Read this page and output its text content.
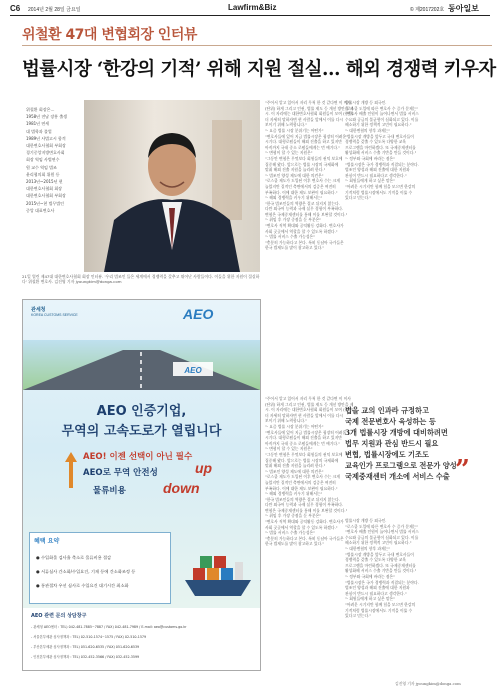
C6 2014년 2월 28일 금요일	Lawfirm&Biz	© 제2017202호 동아일보
위철환 47대 변협회장 인터뷰
법률시장 ‘한강의 기적’ 위해 지원 절실… 해외 경쟁력 키우자
위철환 회장은…
1958년 전남 장흥 출생
1981년 연세
대 법학과 졸업
1989년 사법고시 합격
대한변호사협회 부회장
경기중앙지방변호사회
회장 역임 사법연수
원 교수 역임 법조
윤리협의회 위원 등
2013년~2015년 현
대한변호사협회 회장
대한변호사협회 부회장
2015년~현 법무법인
중앙 대표변호사
21일 열린 제47대 대한변호사협회 회장 인터뷰. '우리 법조인 들은 세계에서 경쟁력을 갖추고 뛰어난 사람들이다. 이들을 위한 지원이 절실하다' 위철환 변호사. 김진영 기자 jyoungkim@donga.com
관세청
KOREA CUSTOMS SERVICE	AEO
AEO
AEO 인증기업,
무역의 고속도로가 열립니다
AEO! 이젠 선택이 아닌 필수
AEO로 무역 안전성	up
물류비용	down
혜택 요약
● 수입화물 검사율 축소로 물류비용 절감
● 서류심사 간소화/수입요건, 기재 등에 간소화조정 등
● 통관절차 우선 심사로 수입요건 대기시간 최소화
AEO 관련 문의 상담창구
- 관세청 AEO센터 : TEL) 042-481-7885~7887 / FAX) 042-481-7989 / E-mail: aeo@customs.go.kr
- 서울본부세관 심사정책과 : TEL) 02-510-1574~1575 / FAX) 02-510-1579
- 부산본부세관 심사정책과 : TEL) 051-620-6535 / FAX) 051-620-6539
- 인천본부세관 심사정책과 : TEL) 032-452-3566 / FAX) 032-452-3599
"주어서 알고 있어서 자리 무척 한 것 같다면 이 이사
(단위) 하게 그리고 인권, 법률 제도 등 개선 방안을 제
시. 이 자리에는 대한변호사협회 회원들이 모여 (중략)
더 자세히 말하자면 현 사람들 앞에서 이를 다시
보이기 위해 노력합니다."
"- 요즘 법률 시장 분위기는 어떤가"
"변호사들에 있어 지금 법률시장은 굉장히 어려운
시기다. 대형로펌들이 해외 진출을 하고 있지만
아직까지 국내 중소 로펌들에게는 먼 얘기다."
"- 변협이 할 수 있는 지원은"
"그동안 변협은 무엇보다 회원들의 권익 보호에
집중해 왔다. 앞으로는 법률 시장의 국제화에
맞춰 해외 진출 지원을 늘리려 한다."
"- 법조인 양성 제도에 대한 의견은"
"로스쿨 제도가 도입된 이후 변호사 수는 크게
늘었지만 질적인 측면에서의 검증은 여전히
부족하다. 이에 대한 제도 보완이 필요하다."
"- 해외 경쟁력을 키우기 위해서는"
"한국 법조인들의 역량은 결코 뒤지지 않는다.
다만 외국어 능력과 국제 실무 경험이 부족하다.
변협은 국제중재센터를 통해 이를 보완할 것이다."
"- 취임 후 가장 중점을 둔 부분은"
"변호사 직역 확대와 공익활동 강화다. 변호사가
사회 곳곳에서 역할을 할 수 있도록 하겠다."
"- 법률 서비스 수출 가능성은"
"충분히 가능하다고 본다. 특히 동남아 국가들은
한국 법제도를 많이 참고하고 있다."
"주어서 알고 있어서 자리 무척 한 것 같다면 이 이사
(단위) 하게 그리고 인권, 법률 제도 등 개선 방안을 제
시. 이 자리에는 대한변호사협회 회원들이 모여 (중략)
더 자세히 말하자면 현 사람들 앞에서 이를 다시
보이기 위해 노력합니다."
"- 요즘 법률 시장 분위기는 어떤가"
"변호사들에 있어 지금 법률시장은 굉장히 어려운
시기다. 대형로펌들이 해외 진출을 하고 있지만
아직까지 국내 중소 로펌들에게는 먼 얘기다."
"- 변협이 할 수 있는 지원은"
"그동안 변협은 무엇보다 회원들의 권익 보호에
집중해 왔다. 앞으로는 법률 시장의 국제화에
맞춰 해외 진출 지원을 늘리려 한다."
"- 법조인 양성 제도에 대한 의견은"
"로스쿨 제도가 도입된 이후 변호사 수는 크게
늘었지만 질적인 측면에서의 검증은 여전히
부족하다. 이에 대한 제도 보완이 필요하다."
"- 해외 경쟁력을 키우기 위해서는"
"한국 법조인들의 역량은 결코 뒤지지 않는다.
다만 외국어 능력과 국제 실무 경험이 부족하다.
변협은 국제중재센터를 통해 이를 보완할 것이다."
"- 취임 후 가장 중점을 둔 부분은"
"변호사 직역 확대와 공익활동 강화다. 변호사가
사회 곳곳에서 역할을 할 수 있도록 하겠다."
"- 법률 서비스 수출 가능성은"
"충분히 가능하다고 본다. 특히 동남아 국가들은
한국 법제도를 많이 참고하고 있다."
법률시장 개방 등 외국인.
"로스쿨 도입에 따른 변호사 수 증가 문제는"
"변호사 배출 인원이 늘어나면서 법률 서비스
수요와 공급의 불균형이 심화되고 있다. 이를
해소하기 위한 정책적 고민이 필요하다."
"- 대한변협의 향후 과제는"
"법률시장 개방을 앞두고 국내 변호사들이
경쟁력을 갖출 수 있도록 다양한 교육
프로그램을 마련하겠다. 또 국제중재센터를
활성화해 서비스 수출 기반을 만들 것이다."
"- 정부와 국회에 바라는 점은"
"법률시장은 국가 경쟁력과 직결되는 분야다.
법조인 양성과 해외 진출에 대한 지원과
관심이 반드시 필요하다고 생각한다."
"- 회원들에게 하고 싶은 말은"
"어려운 시기지만 함께 힘을 모으면 한강의
기적처럼 법률시장에서도 기적을 이룰 수
있다고 믿는다."
법률시장 개방 등 외국인.
"로스쿨 도입에 따른 변호사 수 증가 문제는"
"변호사 배출 인원이 늘어나면서 법률 서비스
수요와 공급의 불균형이 심화되고 있다. 이를
해소하기 위한 정책적 고민이 필요하다."
"- 대한변협의 향후 과제는"
"법률시장 개방을 앞두고 국내 변호사들이
경쟁력을 갖출 수 있도록 다양한 교육
프로그램을 마련하겠다. 또 국제중재센터를
활성화해 서비스 수출 기반을 만들 것이다."
"- 정부와 국회에 바라는 점은"
"법률시장은 국가 경쟁력과 직결되는 분야다.
법조인 양성과 해외 진출에 대한 지원과
관심이 반드시 필요하다고 생각한다."
"- 회원들에게 하고 싶은 말은"
"어려운 시기지만 함께 힘을 모으면 한강의
기적처럼 법률시장에서도 기적을 이룰 수
있다고 믿는다."
법을 교의 인과라 규정하고
국제 전문변호사 육성하는 등
3개 법률시장 개방에 대비하려면
법무 지원과 관심 반드시 필요
변협, 법률시장에도 기조도
교육인가 프로그램으로 전문가 양성
국제중재센터 개소에 서비스 수출 ”
김진영 기자 jyoungkim@donga.com
